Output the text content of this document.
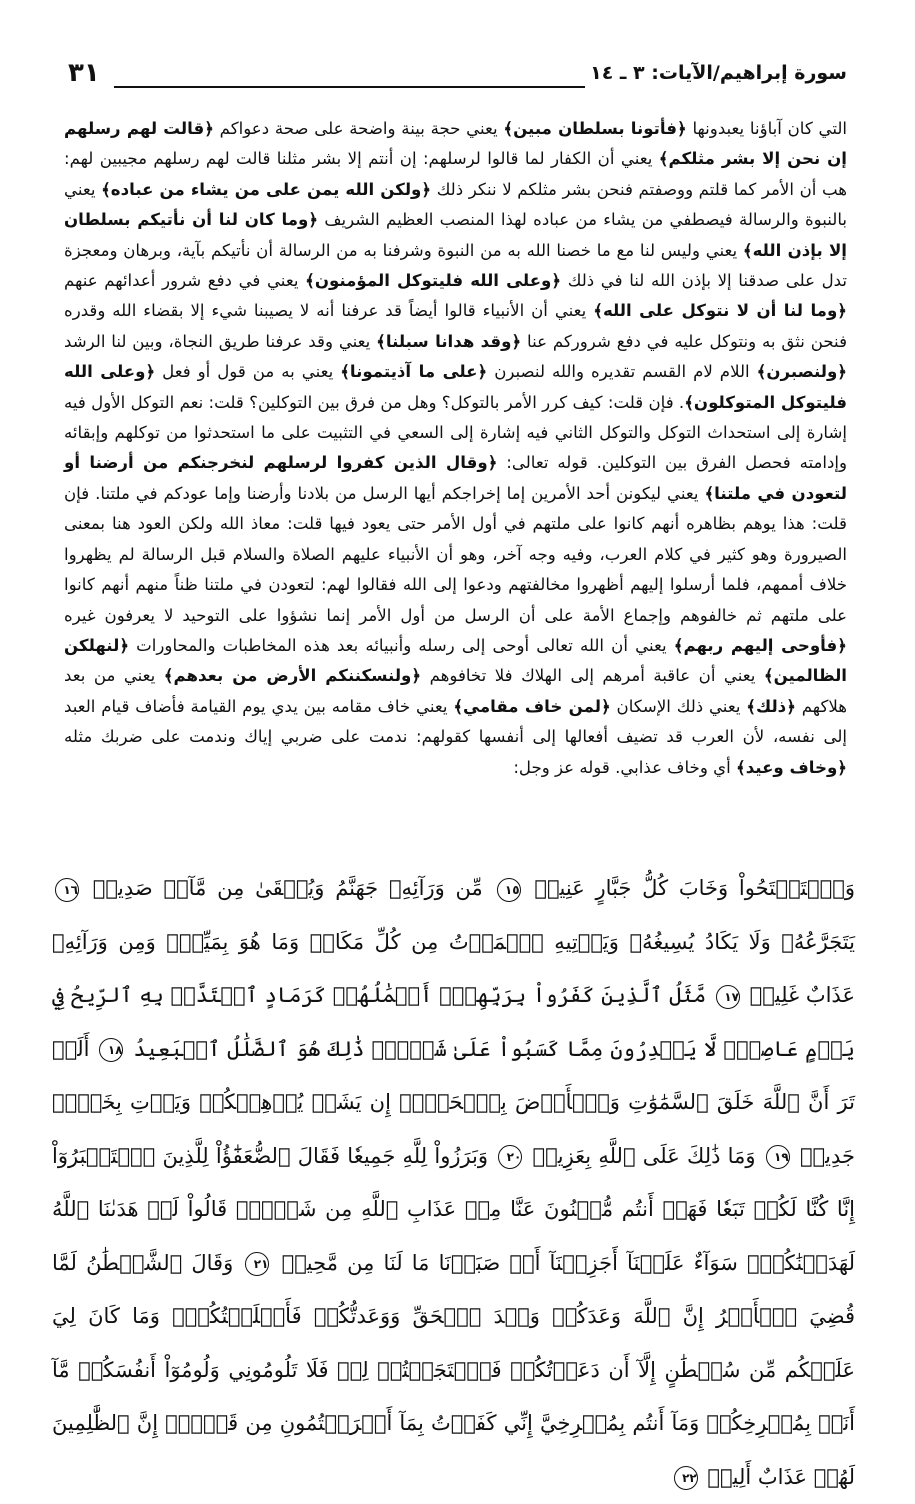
سورة إبراهيم/الآيات: ٣ ـ ١٤
٣١

التي كان آباؤنا يعبدونها ﴿فأتونا بسلطان مبين﴾ يعني حجة بينة واضحة على صحة دعواكم ﴿قالت لهم رسلهم إن نحن إلا بشر مثلكم﴾ يعني أن الكفار لما قالوا لرسلهم: إن أنتم إلا بشر مثلنا قالت لهم رسلهم مجيبين لهم: هب أن الأمر كما قلتم ووصفتم فنحن بشر مثلكم لا ننكر ذلك ﴿ولكن الله يمن على من يشاء من عباده﴾ يعني بالنبوة والرسالة فيصطفي من يشاء من عباده لهذا المنصب العظيم الشريف ﴿وما كان لنا أن نأتيكم بسلطان إلا بإذن الله﴾ يعني وليس لنا مع ما خصنا الله به من النبوة وشرفنا به من الرسالة أن نأتيكم بآية، وبرهان ومعجزة تدل على صدقنا إلا بإذن الله لنا في ذلك ﴿وعلى الله فليتوكل المؤمنون﴾ يعني في دفع شرور أعدائهم عنهم ﴿وما لنا أن لا نتوكل على الله﴾ يعني أن الأنبياء قالوا أيضاً قد عرفنا أنه لا يصيبنا شيء إلا بقضاء الله وقدره فنحن نثق به ونتوكل عليه في دفع شروركم عنا ﴿وقد هدانا سبلنا﴾ يعني وقد عرفنا طريق النجاة، وبين لنا الرشد ﴿ولنصبرن﴾ اللام لام القسم تقديره والله لنصبرن ﴿على ما آذيتمونا﴾ يعني به من قول أو فعل ﴿وعلى الله فليتوكل المتوكلون﴾. فإن قلت: كيف كرر الأمر بالتوكل؟ وهل من فرق بين التوكلين؟ قلت: نعم التوكل الأول فيه إشارة إلى استحداث التوكل والتوكل الثاني فيه إشارة إلى السعي في التثبيت على ما استحدثوا من توكلهم وإبقائه وإدامته فحصل الفرق بين التوكلين. قوله تعالى: ﴿وقال الذين كفروا لرسلهم لنخرجنكم من أرضنا أو لتعودن في ملتنا﴾ يعني ليكونن أحد الأمرين إما إخراجكم أيها الرسل من بلادنا وأرضنا وإما عودكم في ملتنا. فإن قلت: هذا يوهم بظاهره أنهم كانوا على ملتهم في أول الأمر حتى يعود فيها قلت: معاذ الله ولكن العود هنا بمعنى الصيرورة وهو كثير في كلام العرب، وفيه وجه آخر، وهو أن الأنبياء عليهم الصلاة والسلام قبل الرسالة لم يظهروا خلاف أممهم، فلما أرسلوا إليهم أظهروا مخالفتهم ودعوا إلى الله فقالوا لهم: لتعودن في ملتنا ظناً منهم أنهم كانوا على ملتهم ثم خالفوهم وإجماع الأمة على أن الرسل من أول الأمر إنما نشؤوا على التوحيد لا يعرفون غيره ﴿فأوحى إليهم ربهم﴾ يعني أن الله تعالى أوحى إلى رسله وأنبيائه بعد هذه المخاطبات والمحاورات ﴿لنهلكن الظالمين﴾ يعني أن عاقبة أمرهم إلى الهلاك فلا تخافوهم ﴿ولنسكننكم الأرض من بعدهم﴾ يعني من بعد هلاكهم ﴿ذلك﴾ يعني ذلك الإسكان ﴿لمن خاف مقامي﴾ يعني خاف مقامه بين يدي يوم القيامة فأضاف قيام العبد إلى نفسه، لأن العرب قد تضيف أفعالها إلى أنفسها كقولهم: ندمت على ضربي إياك وندمت على ضربك مثله ﴿وخاف وعيد﴾ أي وخاف عذابي. قوله عز وجل:

وَٱسۡتَفۡتَحُواْ وَخَابَ كُلُّ جَبَّارٍ عَنِيدٖ ١٥ مِّن وَرَآئِهِۦ جَهَنَّمُ وَيُسۡقَىٰ مِن مَّآءٖ صَدِيدٖ ١٦ يَتَجَرَّعُهُۥ وَلَا يَكَادُ يُسِيغُهُۥ وَيَأۡتِيهِ ٱلۡمَوۡتُ مِن كُلِّ مَكَانٖ وَمَا هُوَ بِمَيِّتٖۖ وَمِن وَرَآئِهِۦ عَذَابٌ غَلِيظٞ ١٧ مَّثَلُ ٱلَّذِينَ كَفَرُواْ بِرَبِّهِمۡۖ أَعۡمَٰلُهُمۡ كَرَمَادٍ ٱشۡتَدَّتۡ بِهِ ٱلرِّيحُ فِي يَوۡمٍ عَاصِفٖۖ لَّا يَقۡدِرُونَ مِمَّا كَسَبُواْ عَلَىٰ شَيۡءٖۚ ذَٰلِكَ هُوَ ٱلضَّلَٰلُ ٱلۡبَعِيدُ ١٨ أَلَمۡ تَرَ أَنَّ ٱللَّهَ خَلَقَ ٱلسَّمَٰوَٰتِ وَٱلۡأَرۡضَ بِٱلۡحَقِّۚ إِن يَشَأۡ يُذۡهِبۡكُمۡ وَيَأۡتِ بِخَلۡقٖ جَدِيدٖ ١٩ وَمَا ذَٰلِكَ عَلَى ٱللَّهِ بِعَزِيزٖ ٢٠ وَبَرَزُواْ لِلَّهِ جَمِيعٗا فَقَالَ ٱلضُّعَفَٰٓؤُاْ لِلَّذِينَ ٱسۡتَكۡبَرُوٓاْ إِنَّا كُنَّا لَكُمۡ تَبَعٗا فَهَلۡ أَنتُم مُّغۡنُونَ عَنَّا مِنۡ عَذَابِ ٱللَّهِ مِن شَيۡءٖۚ قَالُواْ لَوۡ هَدَىٰنَا ٱللَّهُ لَهَدَيۡنَٰكُمۡۖ سَوَآءٌ عَلَيۡنَآ أَجَزِعۡنَآ أَمۡ صَبَرۡنَا مَا لَنَا مِن مَّحِيصٖ ٢١ وَقَالَ ٱلشَّيۡطَٰنُ لَمَّا قُضِيَ ٱلۡأَمۡرُ إِنَّ ٱللَّهَ وَعَدَكُمۡ وَعۡدَ ٱلۡحَقِّ وَوَعَدتُّكُمۡ فَأَخۡلَفۡتُكُمۡۖ وَمَا كَانَ لِيَ عَلَيۡكُم مِّن سُلۡطَٰنٍ إِلَّآ أَن دَعَوۡتُكُمۡ فَٱسۡتَجَبۡتُمۡ لِيۖ فَلَا تَلُومُونِي وَلُومُوٓاْ أَنفُسَكُمۖ مَّآ أَنَا۠ بِمُصۡرِخِكُمۡ وَمَآ أَنتُم بِمُصۡرِخِيَّ إِنِّي كَفَرۡتُ بِمَآ أَشۡرَكۡتُمُونِ مِن قَبۡلُۗ إِنَّ ٱلظَّٰلِمِينَ لَهُمۡ عَذَابٌ أَلِيمٞ ٢٢
